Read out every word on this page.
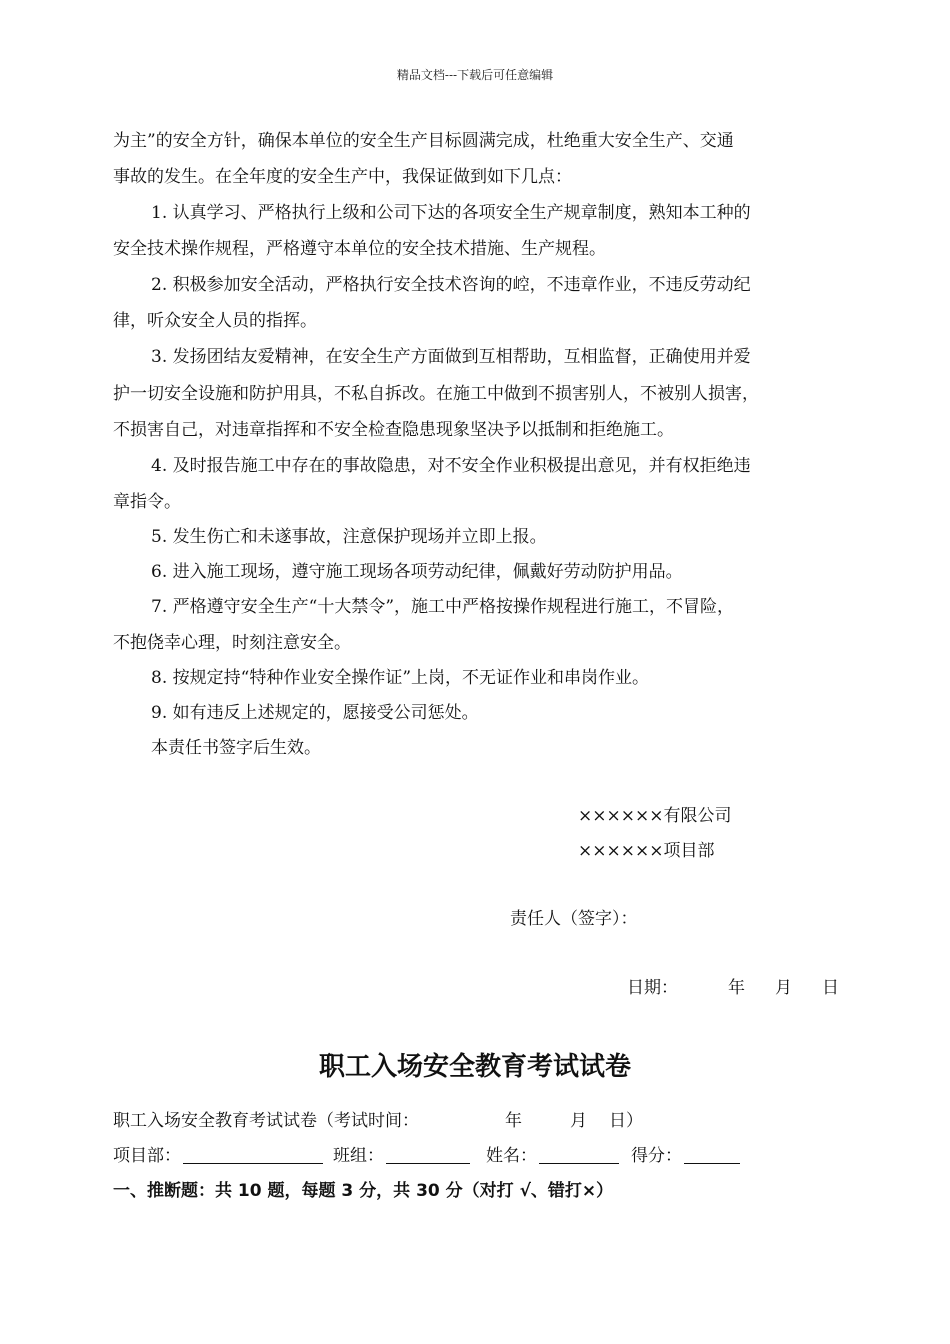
精品文档---下载后可任意编辑
为主”的安全方针，确保本单位的安全生产目标圆满完成，杜绝重大安全生产、交通
事故的发生。在全年度的安全生产中，我保证做到如下几点：
1. 认真学习、严格执行上级和公司下达的各项安全生产规章制度，熟知本工种的
安全技术操作规程，严格遵守本单位的安全技术措施、生产规程。
2. 积极参加安全活动，严格执行安全技术咨询的崆，不违章作业，不违反劳动纪
律，听众安全人员的指挥。
3. 发扬团结友爱精神，在安全生产方面做到互相帮助，互相监督，正确使用并爱
护一切安全设施和防护用具，不私自拆改。在施工中做到不损害别人，不被别人损害，
不损害自己，对违章指挥和不安全检查隐患现象坚决予以抵制和拒绝施工。
4. 及时报告施工中存在的事故隐患，对不安全作业积极提出意见，并有权拒绝违
章指令。
5. 发生伤亡和未遂事故，注意保护现场并立即上报。
6. 进入施工现场，遵守施工现场各项劳动纪律，佩戴好劳动防护用品。
7. 严格遵守安全生产“十大禁令”，施工中严格按操作规程进行施工，不冒险，
不抱侥幸心理，时刻注意安全。
8. 按规定持“特种作业安全操作证”上岗，不无证作业和串岗作业。
9. 如有违反上述规定的，愿接受公司惩处。
本责任书签字后生效。
××××××有限公司
××××××项目部
责任人（签字）：
日期：	年 月 日
职工入场安全教育考试试卷
职工入场安全教育考试试卷（考试时间：	年	月 日）
项目部：	班组：	姓名：	得分：
一、推断题：共 10 题，每题 3 分，共 30 分（对打 √、错打×）
